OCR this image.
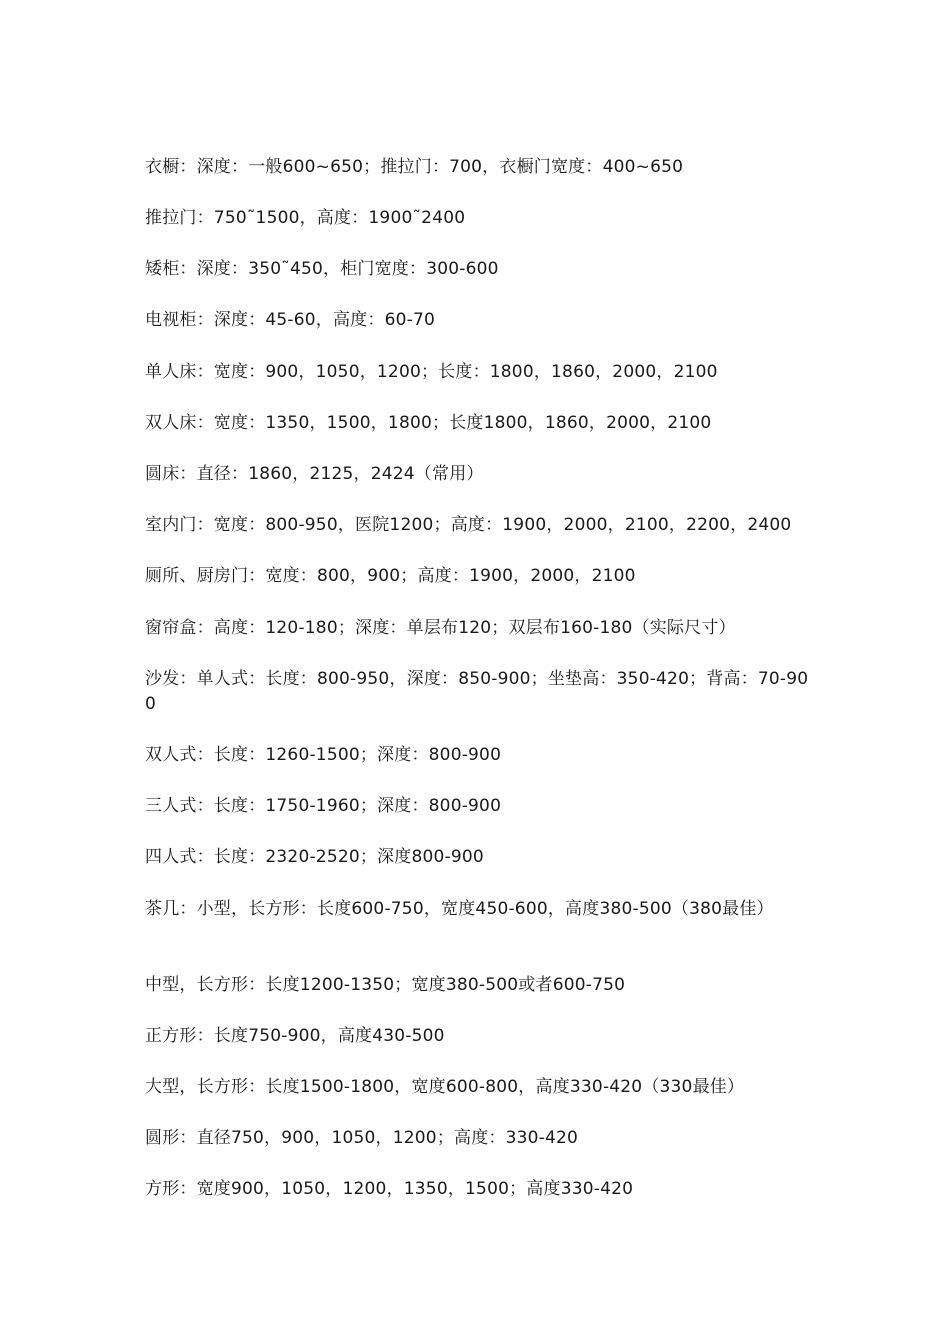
衣橱：深度：一般600~650；推拉门：700，衣橱门宽度：400~650
推拉门：750˜1500，高度：1900˜2400
矮柜：深度：350˜450，柜门宽度：300-600
电视柜：深度：45-60，高度：60-70
单人床：宽度：900，1050，1200；长度：1800，1860，2000，2100
双人床：宽度：1350，1500，1800；长度1800，1860，2000，2100
圆床：直径：1860，2125，2424（常用）
室内门：宽度：800-950，医院1200；高度：1900，2000，2100，2200，2400
厕所、厨房门：宽度：800，900；高度：1900，2000，2100
窗帘盒：高度：120-180；深度：单层布120；双层布160-180（实际尺寸）
沙发：单人式：长度：800-950，深度：850-900；坐垫高：350-420；背高：70-900
双人式：长度：1260-1500；深度：800-900
三人式：长度：1750-1960；深度：800-900
四人式：长度：2320-2520；深度800-900
茶几：小型，长方形：长度600-750，宽度450-600，高度380-500（380最佳）
中型，长方形：长度1200-1350；宽度380-500或者600-750
正方形：长度750-900，高度430-500
大型，长方形：长度1500-1800，宽度600-800，高度330-420（330最佳）
圆形：直径750，900，1050，1200；高度：330-420
方形：宽度900，1050，1200，1350，1500；高度330-420
